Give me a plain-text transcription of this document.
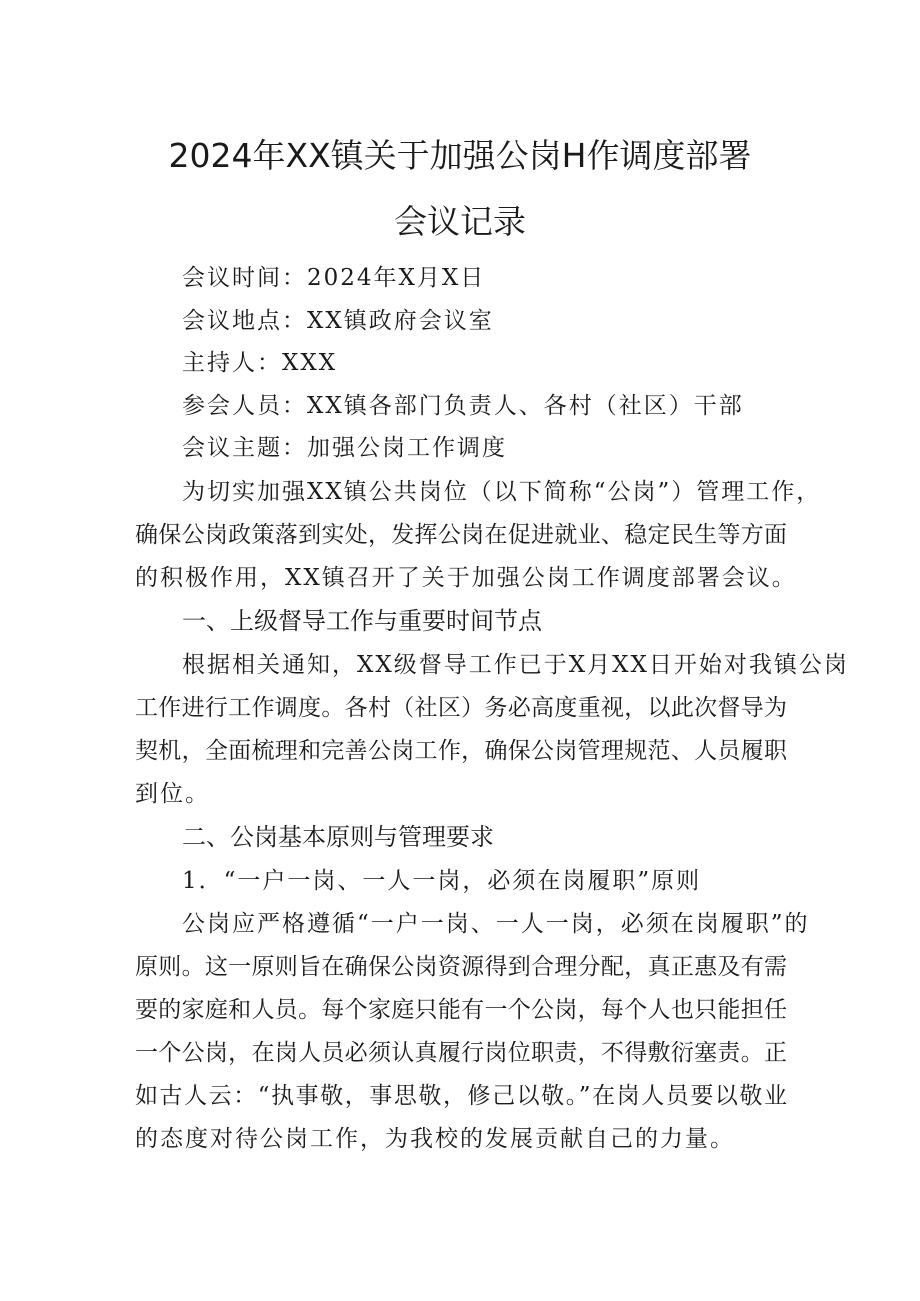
2024年XX镇关于加强公岗H作调度部署
会议记录

会议时间：2024年X月X日

会议地点：XX镇政府会议室

主持人：XXX

参会人员：XX镇各部门负责人、各村（社区）干部

会议主题：加强公岗工作调度

为切实加强XX镇公共岗位（以下简称“公岗”）管理工作，

确保公岗政策落到实处，发挥公岗在促进就业、稳定民生等方面

的积极作用，XX镇召开了关于加强公岗工作调度部署会议。

一、上级督导工作与重要时间节点

根据相关通知，XX级督导工作已于X月XX日开始对我镇公岗

工作进行工作调度。各村（社区）务必高度重视，以此次督导为

契机，全面梳理和完善公岗工作，确保公岗管理规范、人员履职

到位。

二、公岗基本原则与管理要求

1．“一户一岗、一人一岗，必须在岗履职”原则

公岗应严格遵循“一户一岗、一人一岗，必须在岗履职”的

原则。这一原则旨在确保公岗资源得到合理分配，真正惠及有需

要的家庭和人员。每个家庭只能有一个公岗，每个人也只能担任

一个公岗，在岗人员必须认真履行岗位职责，不得敷衍塞责。正

如古人云：“执事敬，事思敬，修己以敬。”在岗人员要以敬业

的态度对待公岗工作，为我校的发展贡献自己的力量。
